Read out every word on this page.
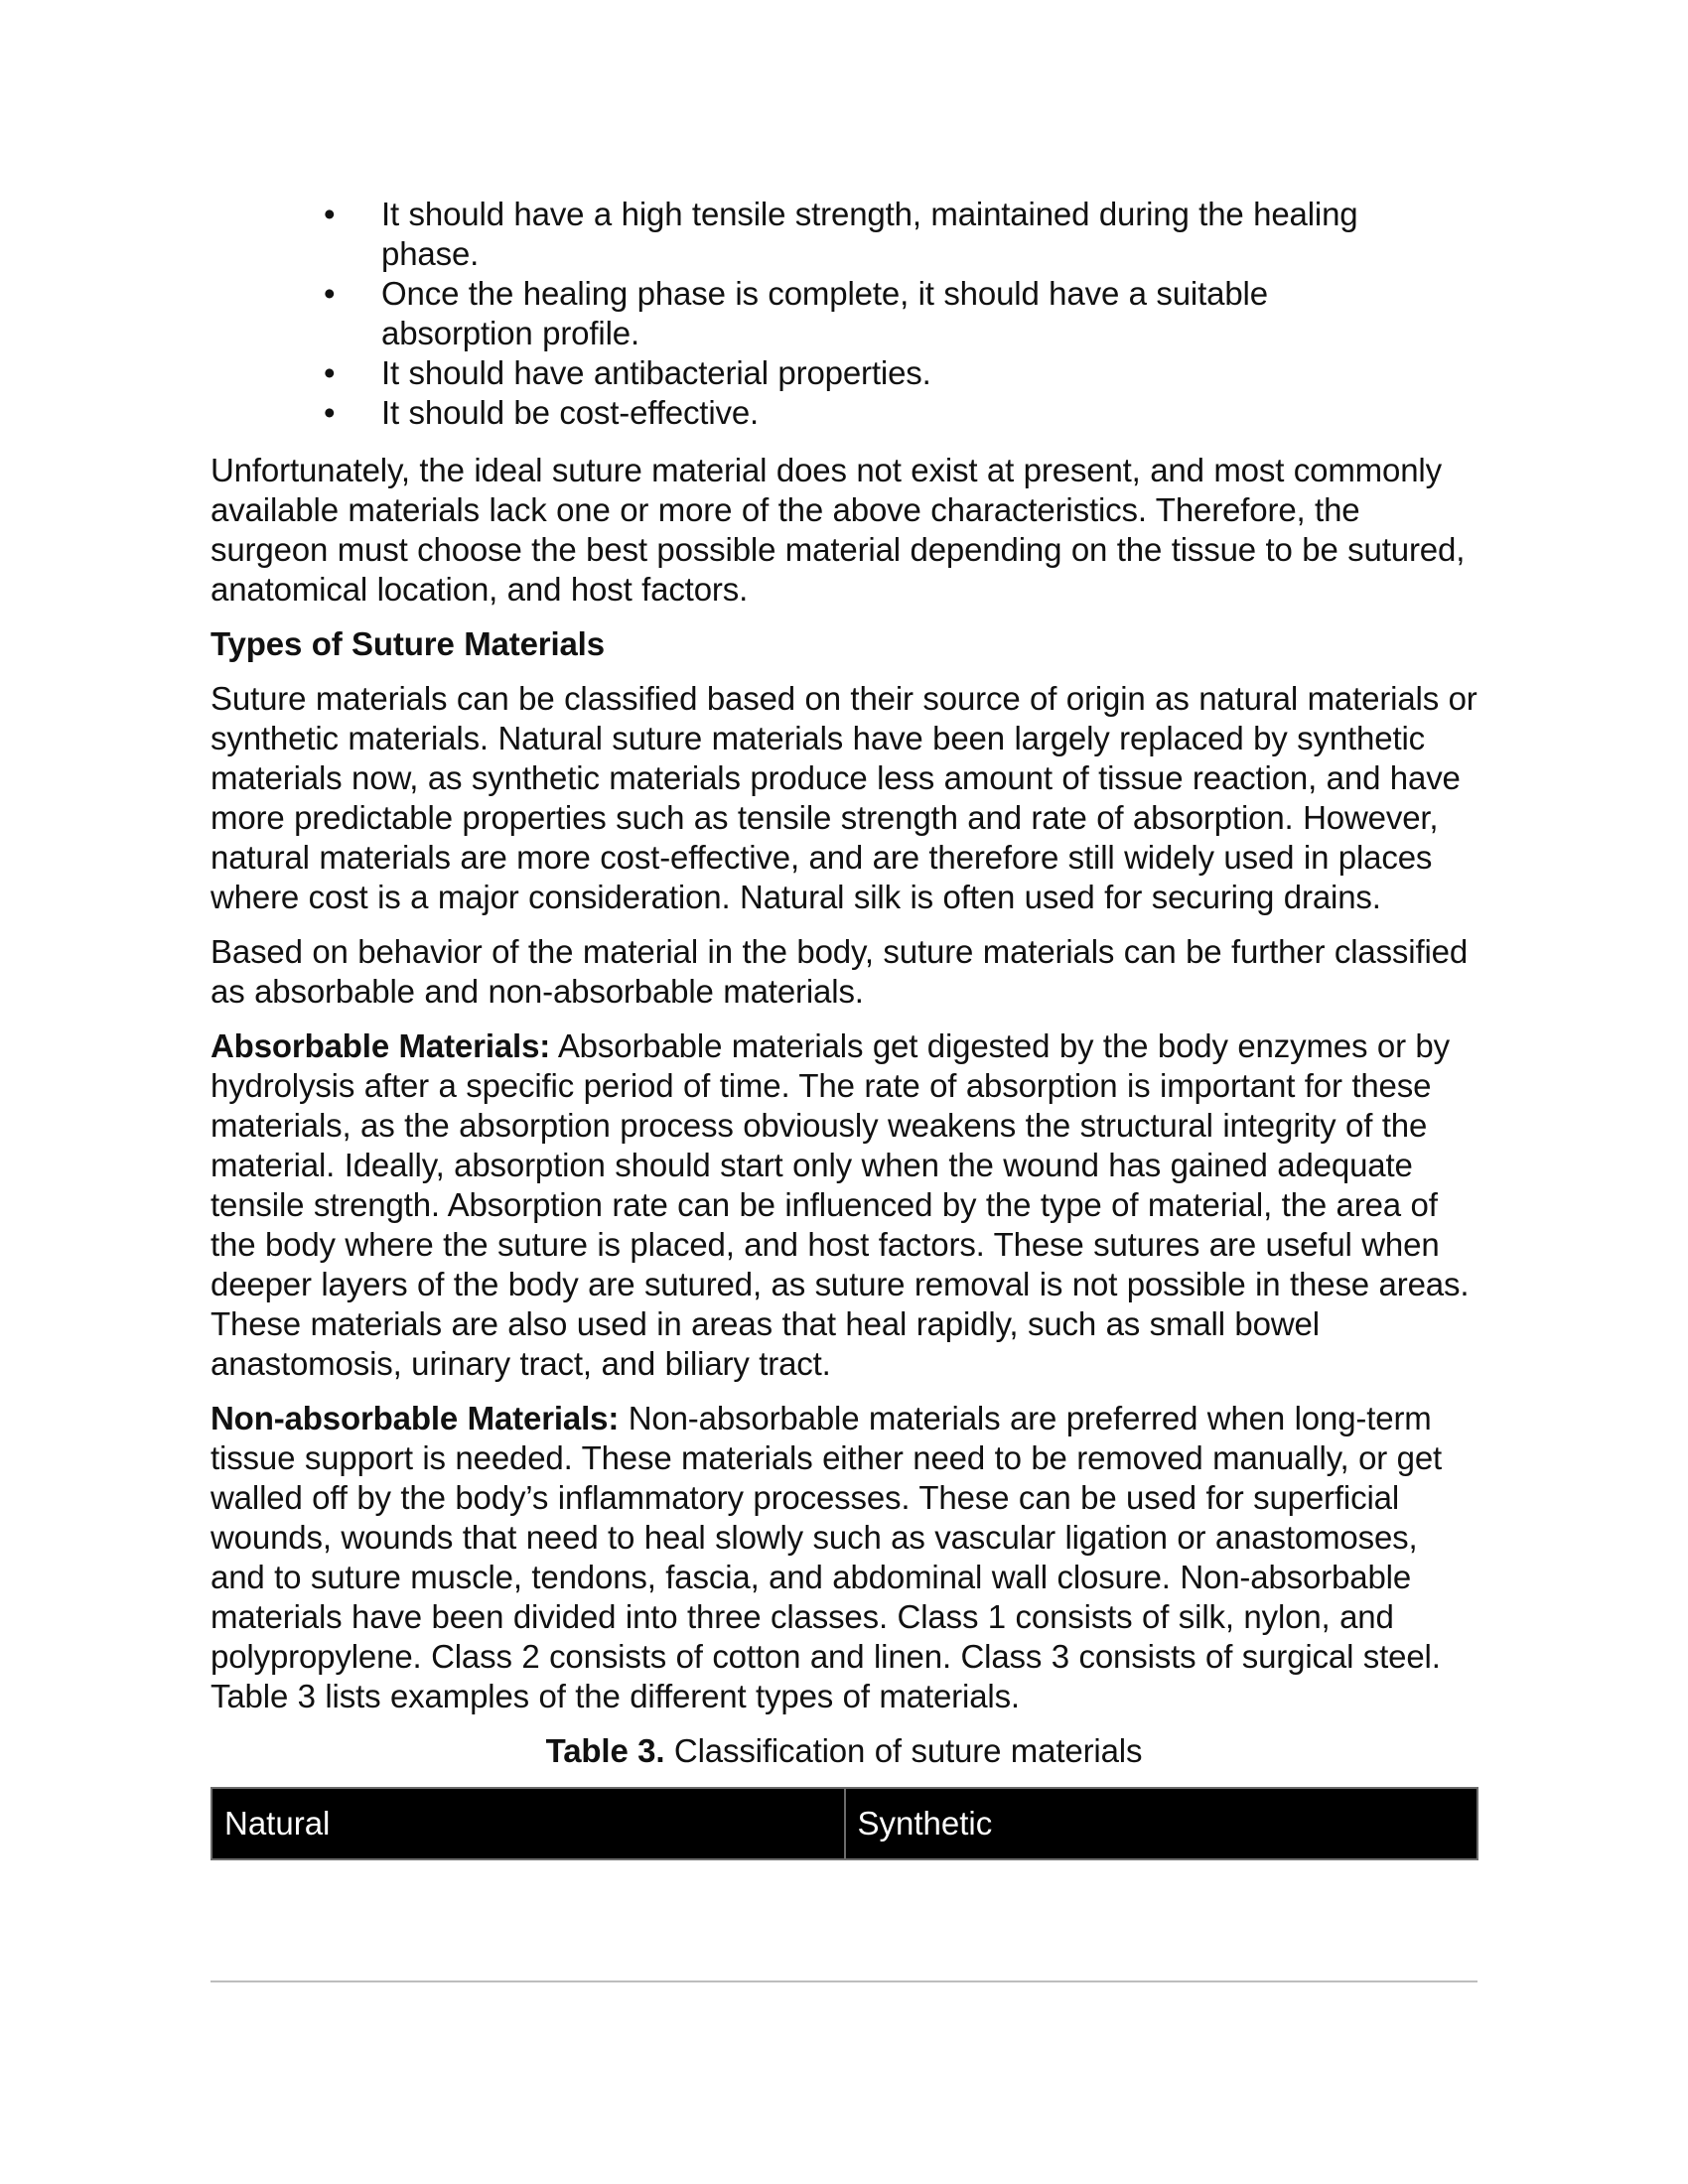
• It should have a high tensile strength, maintained during the healing phase.
• Once the healing phase is complete, it should have a suitable absorption profile.
• It should have antibacterial properties.
• It should be cost-effective.

Unfortunately, the ideal suture material does not exist at present, and most commonly available materials lack one or more of the above characteristics. Therefore, the surgeon must choose the best possible material depending on the tissue to be sutured, anatomical location, and host factors.

Types of Suture Materials

Suture materials can be classified based on their source of origin as natural materials or synthetic materials. Natural suture materials have been largely replaced by synthetic materials now, as synthetic materials produce less amount of tissue reaction, and have more predictable properties such as tensile strength and rate of absorption. However, natural materials are more cost-effective, and are therefore still widely used in places where cost is a major consideration. Natural silk is often used for securing drains.

Based on behavior of the material in the body, suture materials can be further classified as absorbable and non-absorbable materials.

Absorbable Materials: Absorbable materials get digested by the body enzymes or by hydrolysis after a specific period of time. The rate of absorption is important for these materials, as the absorption process obviously weakens the structural integrity of the material. Ideally, absorption should start only when the wound has gained adequate tensile strength. Absorption rate can be influenced by the type of material, the area of the body where the suture is placed, and host factors. These sutures are useful when deeper layers of the body are sutured, as suture removal is not possible in these areas. These materials are also used in areas that heal rapidly, such as small bowel anastomosis, urinary tract, and biliary tract.

Non-absorbable Materials: Non-absorbable materials are preferred when long-term tissue support is needed. These materials either need to be removed manually, or get walled off by the body’s inflammatory processes. These can be used for superficial wounds, wounds that need to heal slowly such as vascular ligation or anastomoses, and to suture muscle, tendons, fascia, and abdominal wall closure. Non-absorbable materials have been divided into three classes. Class 1 consists of silk, nylon, and polypropylene. Class 2 consists of cotton and linen. Class 3 consists of surgical steel. Table 3 lists examples of the different types of materials.

Table 3. Classification of suture materials
Natural	Synthetic
